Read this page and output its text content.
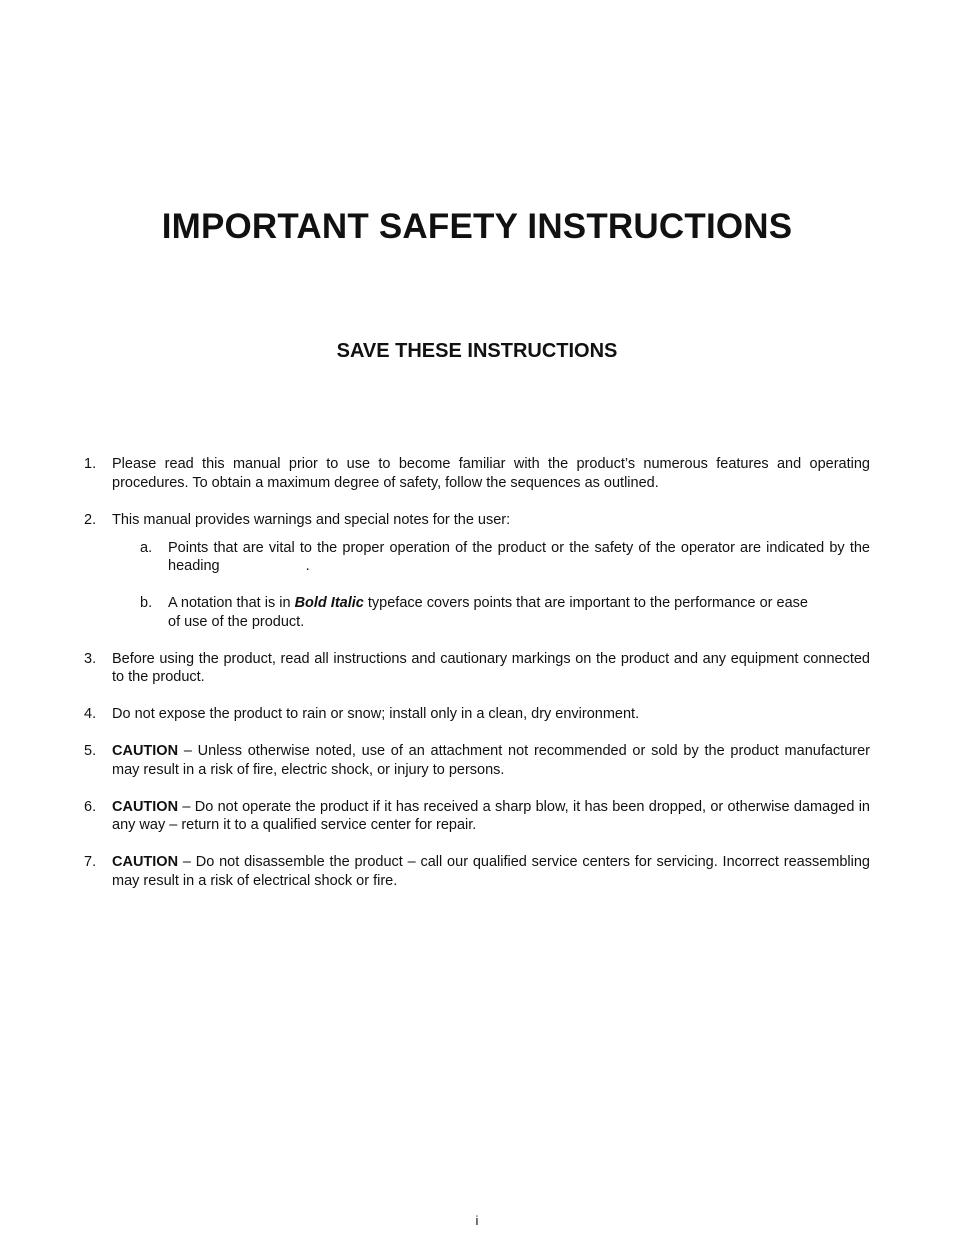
IMPORTANT SAFETY INSTRUCTIONS
SAVE THESE INSTRUCTIONS
1.	Please read this manual prior to use to become familiar with the product’s numerous features and operating procedures. To obtain a maximum degree of safety, follow the sequences as outlined.
2.	This manual provides warnings and special notes for the user:
a.	Points that are vital to the proper operation of the product or the safety of the operator are indicated by the heading	.
b.	A notation that is in Bold Italic typeface covers points that are important to the performance or ease of use of the product.
3.	Before using the product, read all instructions and cautionary markings on the product and any equipment connected to the product.
4.	Do not expose the product to rain or snow; install only in a clean, dry environment.
5.	CAUTION – Unless otherwise noted, use of an attachment not recommended or sold by the product manufacturer may result in a risk of fire, electric shock, or injury to persons.
6.	CAUTION – Do not operate the product if it has received a sharp blow, it has been dropped, or otherwise damaged in any way – return it to a qualified service center for repair.
7.	CAUTION – Do not disassemble the product – call our qualified service centers for servicing. Incorrect reassembling may result in a risk of electrical shock or fire.
i
